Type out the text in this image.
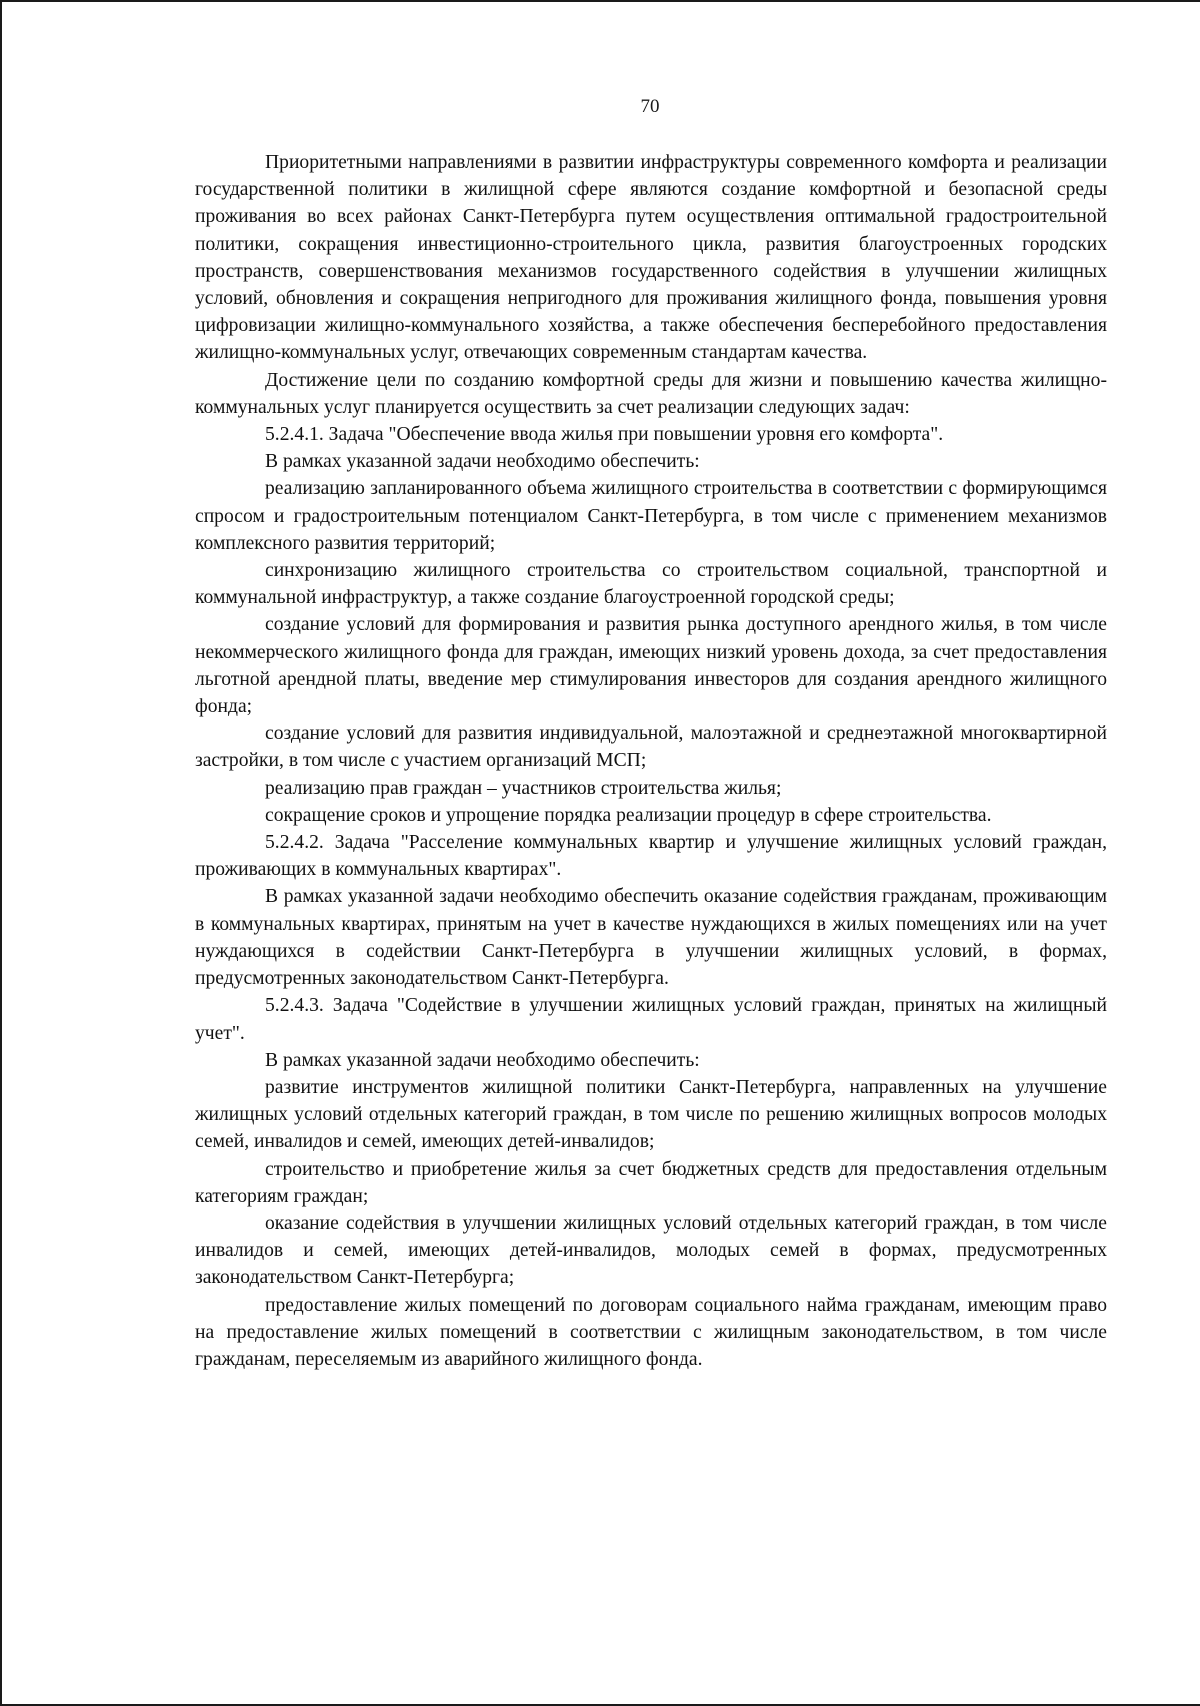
70

Приоритетными направлениями в развитии инфраструктуры современного комфорта и реализации государственной политики в жилищной сфере являются создание комфортной и безопасной среды проживания во всех районах Санкт-Петербурга путем осуществления оптимальной градостроительной политики, сокращения инвестиционно-строительного цикла, развития благоустроенных городских пространств, совершенствования механизмов государственного содействия в улучшении жилищных условий, обновления и сокращения непригодного для проживания жилищного фонда, повышения уровня цифровизации жилищно-коммунального хозяйства, а также обеспечения бесперебойного предоставления жилищно-коммунальных услуг, отвечающих современным стандартам качества.

Достижение цели по созданию комфортной среды для жизни и повышению качества жилищно-коммунальных услуг планируется осуществить за счет реализации следующих задач:

5.2.4.1. Задача "Обеспечение ввода жилья при повышении уровня его комфорта".

В рамках указанной задачи необходимо обеспечить:

реализацию запланированного объема жилищного строительства в соответствии с формирующимся спросом и градостроительным потенциалом Санкт-Петербурга, в том числе с применением механизмов комплексного развития территорий;

синхронизацию жилищного строительства со строительством социальной, транспортной и коммунальной инфраструктур, а также создание благоустроенной городской среды;

создание условий для формирования и развития рынка доступного арендного жилья, в том числе некоммерческого жилищного фонда для граждан, имеющих низкий уровень дохода, за счет предоставления льготной арендной платы, введение мер стимулирования инвесторов для создания арендного жилищного фонда;

создание условий для развития индивидуальной, малоэтажной и среднеэтажной многоквартирной застройки, в том числе с участием организаций МСП;

реализацию прав граждан – участников строительства жилья;

сокращение сроков и упрощение порядка реализации процедур в сфере строительства.

5.2.4.2. Задача "Расселение коммунальных квартир и улучшение жилищных условий граждан, проживающих в коммунальных квартирах".

В рамках указанной задачи необходимо обеспечить оказание содействия гражданам, проживающим в коммунальных квартирах, принятым на учет в качестве нуждающихся в жилых помещениях или на учет нуждающихся в содействии Санкт-Петербурга в улучшении жилищных условий, в формах, предусмотренных законодательством Санкт-Петербурга.

5.2.4.3. Задача "Содействие в улучшении жилищных условий граждан, принятых на жилищный учет".

В рамках указанной задачи необходимо обеспечить:

развитие инструментов жилищной политики Санкт-Петербурга, направленных на улучшение жилищных условий отдельных категорий граждан, в том числе по решению жилищных вопросов молодых семей, инвалидов и семей, имеющих детей-инвалидов;

строительство и приобретение жилья за счет бюджетных средств для предоставления отдельным категориям граждан;

оказание содействия в улучшении жилищных условий отдельных категорий граждан, в том числе инвалидов и семей, имеющих детей-инвалидов, молодых семей в формах, предусмотренных законодательством Санкт-Петербурга;

предоставление жилых помещений по договорам социального найма гражданам, имеющим право на предоставление жилых помещений в соответствии с жилищным законодательством, в том числе гражданам, переселяемым из аварийного жилищного фонда.
